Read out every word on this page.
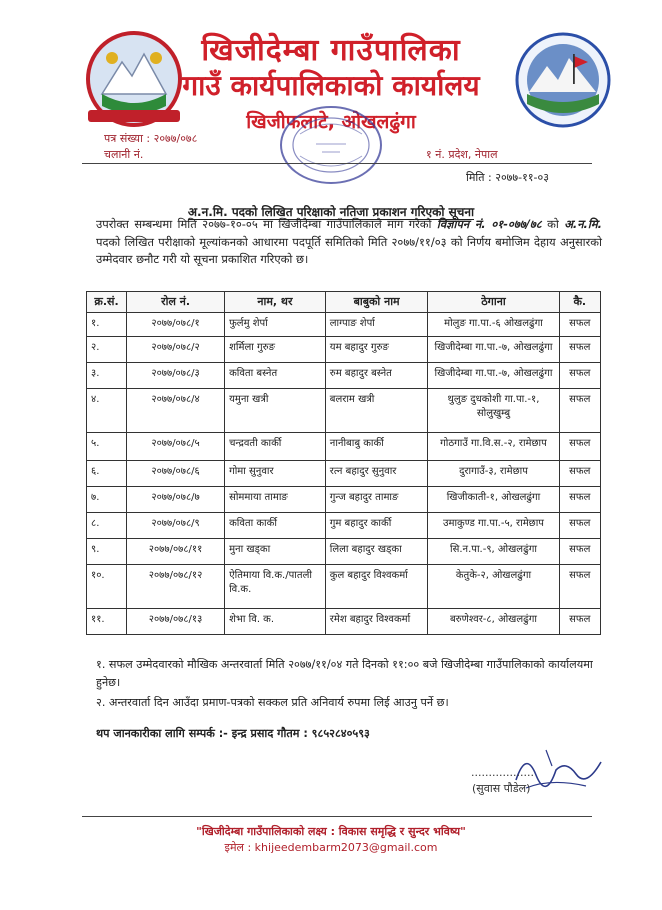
खिजीदेम्बा गाउँपालिका
गाउँ कार्यपालिकाको कार्यालय
खिजीफलाटे, ओखलढुंगा
पत्र संख्या : २०७७/०७८
चलानी नं.	१ नं. प्रदेश, नेपाल
मिति : २०७७-११-०३
अ.न.मि. पदको लिखित परिक्षाको नतिजा प्रकाशन गरिएको सूचना
उपरोक्त सम्बन्धमा मिति २०७७-१०-०५ मा खिजीदेम्बा गाउँपालिकाले माग गरेको विज्ञापन नं. ०१-०७७/७८ को अ.न.मि. पदको लिखित परीक्षाको मूल्यांकनको आधारमा पदपूर्ति समितिको मिति २०७७/११/०३ को निर्णय बमोजिम देहाय अनुसारको उम्मेदवार छनौट गरी यो सूचना प्रकाशित गरिएको छ।
क्र.सं.	रोल नं.	नाम, थर	बाबुको नाम	ठेगाना	कै.
१.	२०७७/०७८/१	फुर्लमु शेर्पा	लाग्पाङ शेर्पा	मोलुङ गा.पा.-६ ओखलढुंगा	सफल
२.	२०७७/०७८/२	शर्मिला गुरुङ	यम बहादुर गुरुङ	खिजीदेम्बा गा.पा.-७, ओखलढुंगा	सफल
३.	२०७७/०७८/३	कविता बस्नेत	रुम बहादुर बस्नेत	खिजीदेम्बा गा.पा.-७, ओखलढुंगा	सफल
४.	२०७७/०७८/४	यमुना खत्री	बलराम खत्री	थुलुङ दुधकोशी गा.पा.-१, सोलुखुम्बु	सफल
५.	२०७७/०७८/५	चन्द्रवती कार्की	नानीबाबु कार्की	गोठगाउँ गा.वि.स.-२, रामेछाप	सफल
६.	२०७७/०७८/६	गोमा सुनुवार	रत्न बहादुर सुनुवार	दुरागाउँ-३, रामेछाप	सफल
७.	२०७७/०७८/७	सोममाया तामाङ	गुन्ज बहादुर तामाङ	खिजीकाती-१, ओखलढुंगा	सफल
८.	२०७७/०७८/९	कविता कार्की	गुम बहादुर कार्की	उमाकुण्ड गा.पा.-५, रामेछाप	सफल
९.	२०७७/०७८/११	मुना खड्का	लिला बहादुर खड्का	सि.न.पा.-९, ओखलढुंगा	सफल
१०.	२०७७/०७८/१२	ऐतिमाया वि.क./पातली वि.क.	कुल बहादुर विश्वकर्मा	केतुके-२, ओखलढुंगा	सफल
११.	२०७७/०७८/१३	शेभा वि. क.	रमेश बहादुर विश्वकर्मा	बरुणेश्वर-८, ओखलढुंगा	सफल
१. सफल उम्मेदवारको मौखिक अन्तरवार्ता मिति २०७७/११/०४ गते दिनको ११:०० बजे खिजीदेम्बा गाउँपालिकाको कार्यालयमा हुनेछ।
२. अन्तरवार्ता दिन आउँदा प्रमाण-पत्रको सक्कल प्रति अनिवार्य रुपमा लिई आउनु पर्ने छ।
थप जानकारीका लागि सम्पर्क :- इन्द्र प्रसाद गौतम : ९८५२८४०५९३
..................
(सुवास पौडेल)
"खिजीदेम्बा गाउँपालिकाको लक्ष्य : विकास समृद्धि र सुन्दर भविष्य"
इमेल : khijeedembarm2073@gmail.com
